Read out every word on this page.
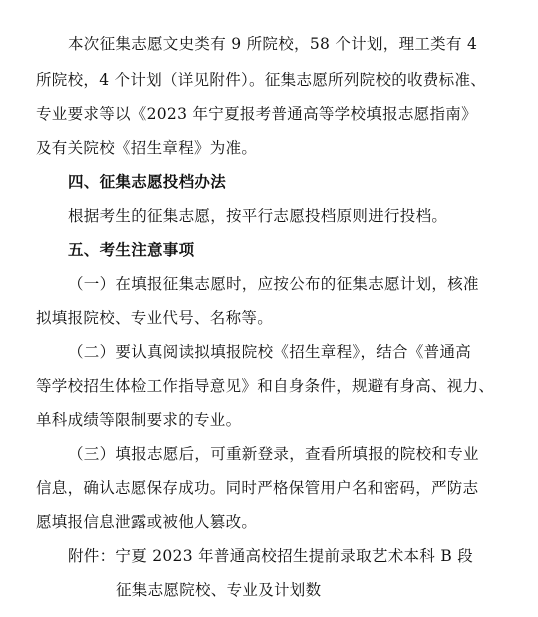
本次征集志愿文史类有 9 所院校，58 个计划，理工类有 4
所院校，4 个计划（详见附件）。征集志愿所列院校的收费标准、
专业要求等以《2023 年宁夏报考普通高等学校填报志愿指南》
及有关院校《招生章程》为准。
四、征集志愿投档办法
根据考生的征集志愿，按平行志愿投档原则进行投档。
五、考生注意事项
（一）在填报征集志愿时，应按公布的征集志愿计划，核准
拟填报院校、专业代号、名称等。
（二）要认真阅读拟填报院校《招生章程》，结合《普通高
等学校招生体检工作指导意见》和自身条件，规避有身高、视力、
单科成绩等限制要求的专业。
（三）填报志愿后，可重新登录，查看所填报的院校和专业
信息，确认志愿保存成功。同时严格保管用户名和密码，严防志
愿填报信息泄露或被他人篡改。
附件：宁夏 2023 年普通高校招生提前录取艺术本科 B 段
征集志愿院校、专业及计划数
